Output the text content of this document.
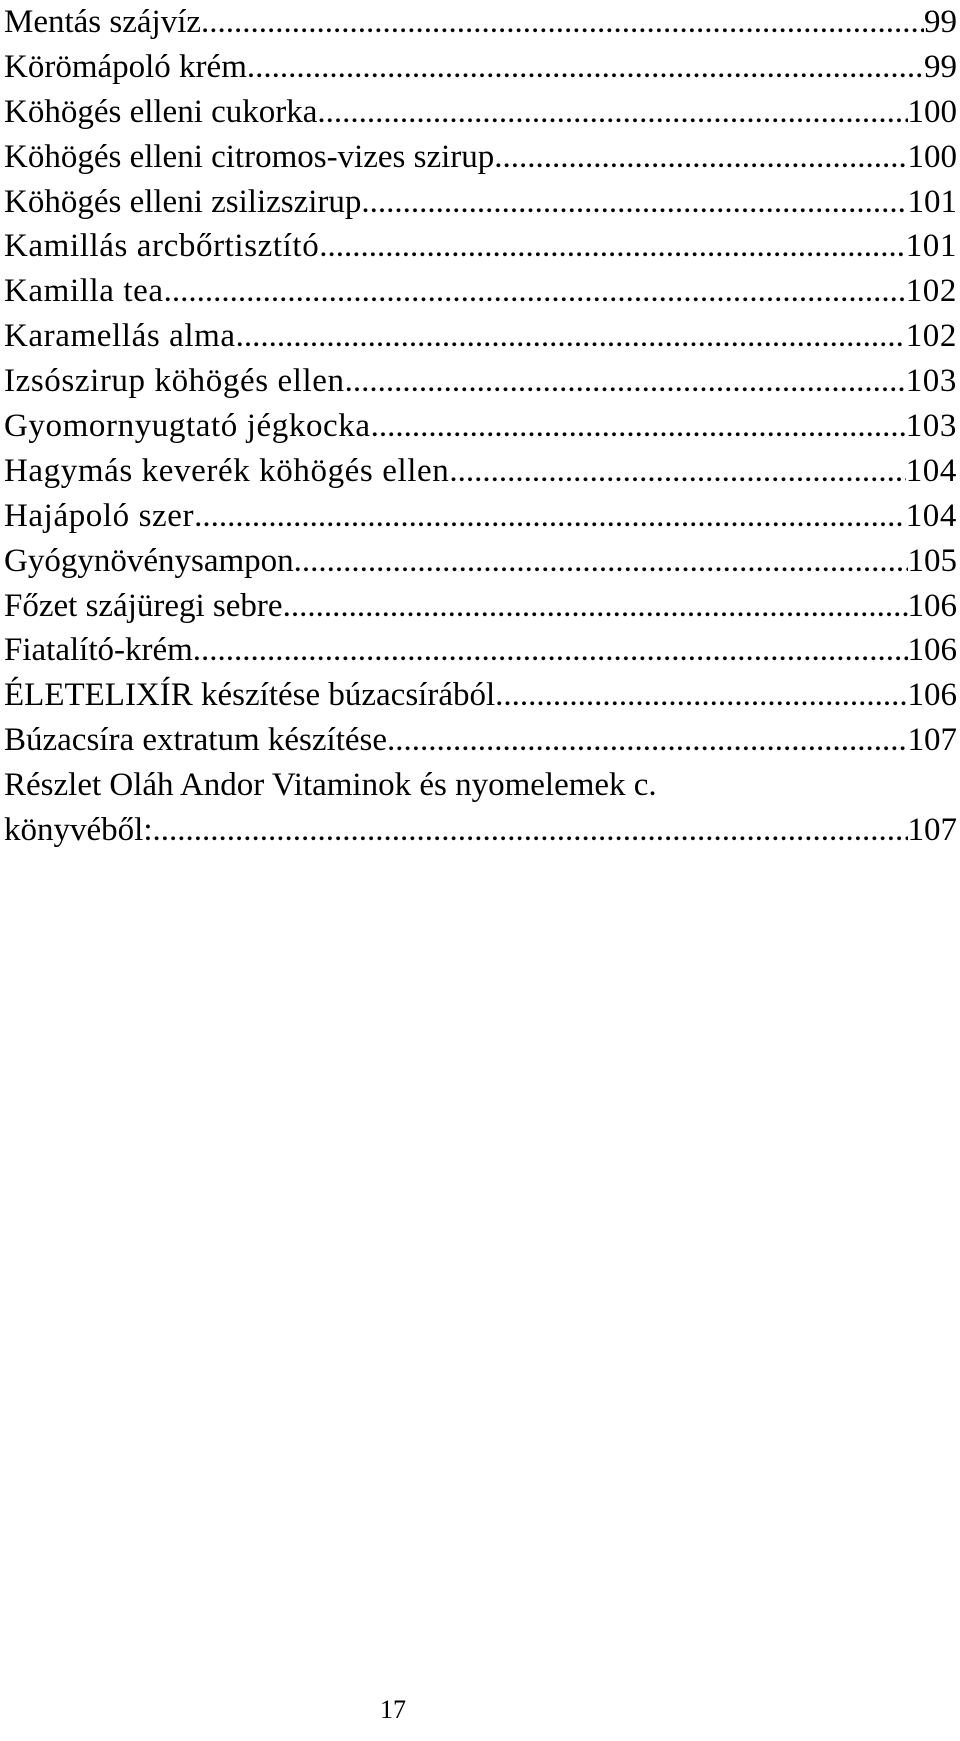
Mentás szájvíz .....	99
Körömápoló krém .....	99
Köhögés elleni cukorka .....	100
Köhögés elleni citromos-vizes szirup .....	100
Köhögés elleni zsilizszirup. .....	101
Kamillás arcbőrtisztító .....	101
Kamilla tea .....	102
Karamellás alma .....	102
Izsószirup köhögés ellen .....	103
Gyomornyugtató jégkocka .....	103
Hagymás keverék köhögés ellen .....	104
Hajápoló szer .....	104
Gyógynövénysampon .....	105
Főzet szájüregi sebre .....	106
Fiatalító-krém .....	106
ÉLETELIXÍR készítése búzacsírából .....	106
Búzacsíra extratum készítése .....	107
Részlet Oláh Andor Vitaminok és nyomelemek c.
könyvéből: .....	107
17
